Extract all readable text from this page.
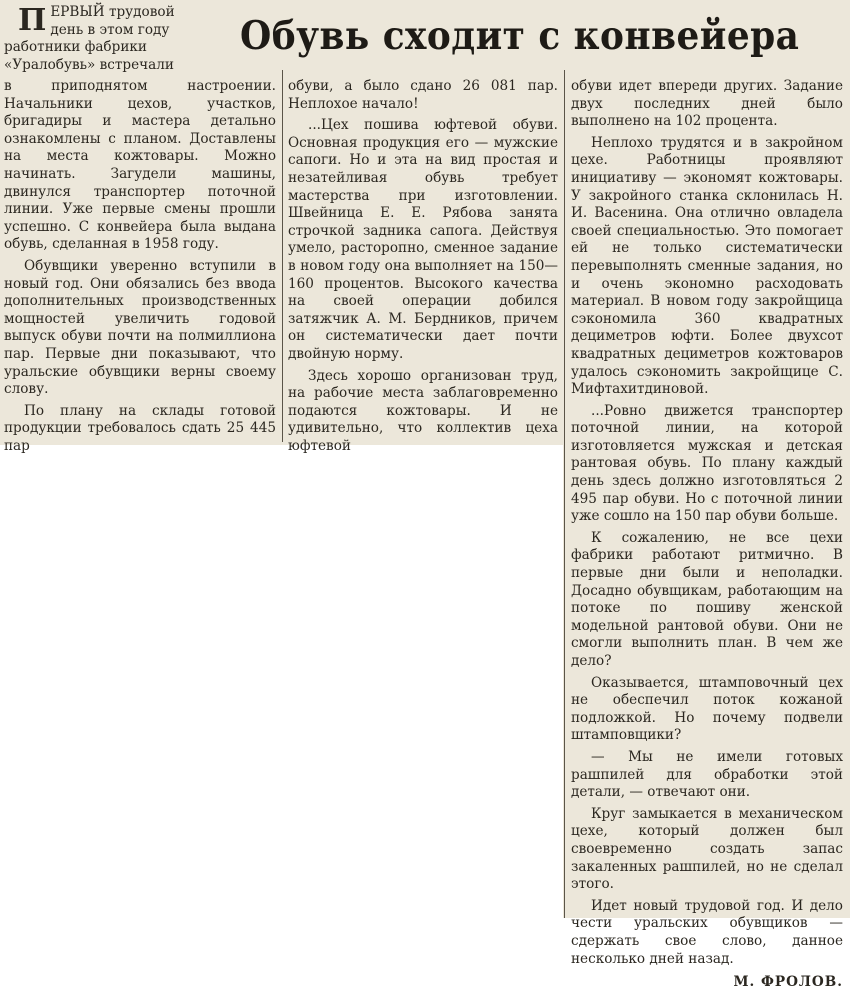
Обувь сходит с конвейера
П ЕРВЫЙ трудовой
день в этом году
работники фабрики
«Уралобувь» встречали

в приподнятом настроении. Начальники цехов, участков, бригадиры и мастера детально ознакомлены с планом. Доставлены на места кожтовары. Можно начинать. Загудели машины, двинулся транспортер поточной линии. Уже первые смены прошли успешно. С конвейера была выдана обувь, сделанная в 1958 году.

Обувщики уверенно вступили в новый год. Они обязались без ввода дополнительных производственных мощностей увеличить годовой выпуск обуви почти на полмиллиона пар. Первые дни показывают, что уральские обувщики верны своему слову.

По плану на склады готовой продукции требовалось сдать 25 445 пар

обуви, а было сдано 26 081 пар. Неплохое начало!

...Цех пошива юфтевой обуви. Основная продукция его — мужские сапоги. Но и эта на вид простая и незатейливая обувь требует мастерства при изготовлении. Швейница Е. Е. Рябова занята строчкой задника сапога. Действуя умело, расторопно, сменное задание в новом году она выполняет на 150—160 процентов. Высокого качества на своей операции добился затяжчик А. М. Бердников, причем он систематически дает почти двойную норму.

Здесь хорошо организован труд, на рабочие места заблаговременно подаются кожтовары. И не удивительно, что коллектив цеха юфтевой

обуви идет впереди других. Задание двух последних дней было выполнено на 102 процента.

Неплохо трудятся и в закройном цехе. Работницы проявляют инициативу — экономят кожтовары. У закройного станка склонилась Н. И. Васенина. Она отлично овладела своей специальностью. Это помогает ей не только систематически перевыполнять сменные задания, но и очень экономно расходовать материал. В новом году закройщица сэкономила 360 квадратных дециметров юфти. Более двухсот квадратных дециметров кожтоваров удалось сэкономить закройщице С. Мифтахитдиновой.

...Ровно движется транспортер поточной линии, на которой изготовляется мужская и детская рантовая обувь. По плану каждый день здесь должно изготовляться 2 495 пар обуви. Но с поточной линии уже сошло на 150 пар обуви больше.

К сожалению, не все цехи фабрики работают ритмично. В первые дни были и неполадки. Досадно обувщикам, работающим на потоке по пошиву женской модельной рантовой обуви. Они не смогли выполнить план. В чем же дело?

Оказывается, штамповочный цех не обеспечил поток кожаной подложкой. Но почему подвели штамповщики?

— Мы не имели готовых рашпилей для обработки этой детали, — отвечают они.

Круг замыкается в механическом цехе, который должен был своевременно создать запас закаленных рашпилей, но не сделал этого.

Идет новый трудовой год. И дело чести уральских обувщиков — сдержать свое слово, данное несколько дней назад.

М. ФРОЛОВ.
